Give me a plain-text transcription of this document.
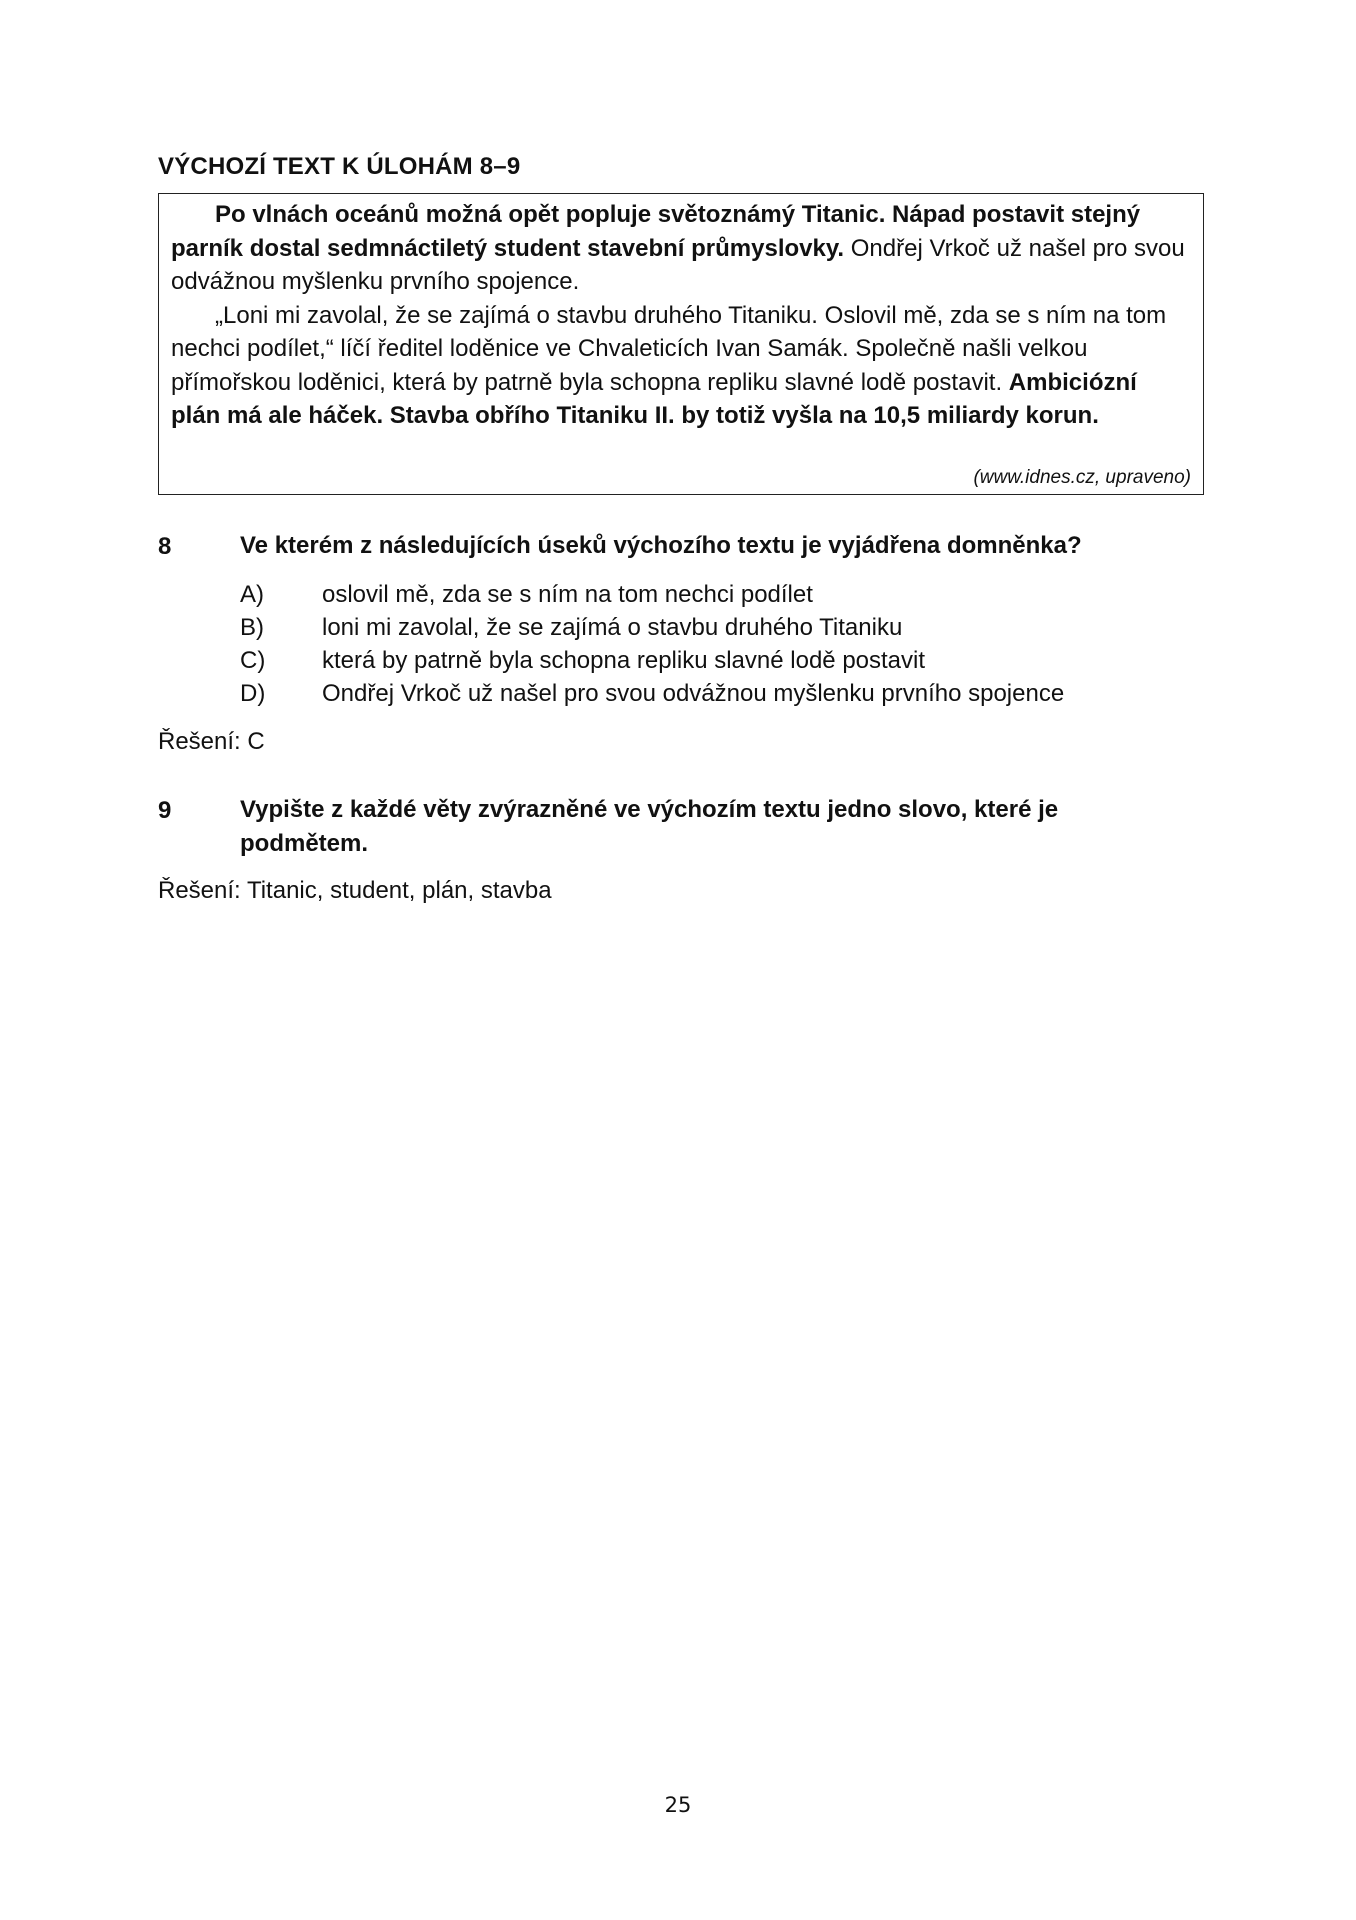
VÝCHOZÍ TEXT K ÚLOHÁM 8–9

Po vlnách oceánů možná opět popluje světoznámý Titanic. Nápad postavit stejný parník dostal sedmnáctiletý student stavební průmyslovky. Ondřej Vrkoč už našel pro svou odvážnou myšlenku prvního spojence.

„Loni mi zavolal, že se zajímá o stavbu druhého Titaniku. Oslovil mě, zda se s ním na tom nechci podílet,“ líčí ředitel loděnice ve Chvaleticích Ivan Samák. Společně našli velkou přímořskou loděnici, která by patrně byla schopna repliku slavné lodě postavit. Ambiciózní plán má ale háček. Stavba obřího Titaniku II. by totiž vyšla na 10,5 miliardy korun.

(www.idnes.cz, upraveno)
8	Ve kterém z následujících úseků výchozího textu je vyjádřena domněnka?
A) oslovil mě, zda se s ním na tom nechci podílet
B) loni mi zavolal, že se zajímá o stavbu druhého Titaniku
C) která by patrně byla schopna repliku slavné lodě postavit
D) Ondřej Vrkoč už našel pro svou odvážnou myšlenku prvního spojence
Řešení: C
9	Vypište z každé věty zvýrazněné ve výchozím textu jedno slovo, které je podmětem.
Řešení: Titanic, student, plán, stavba
25
